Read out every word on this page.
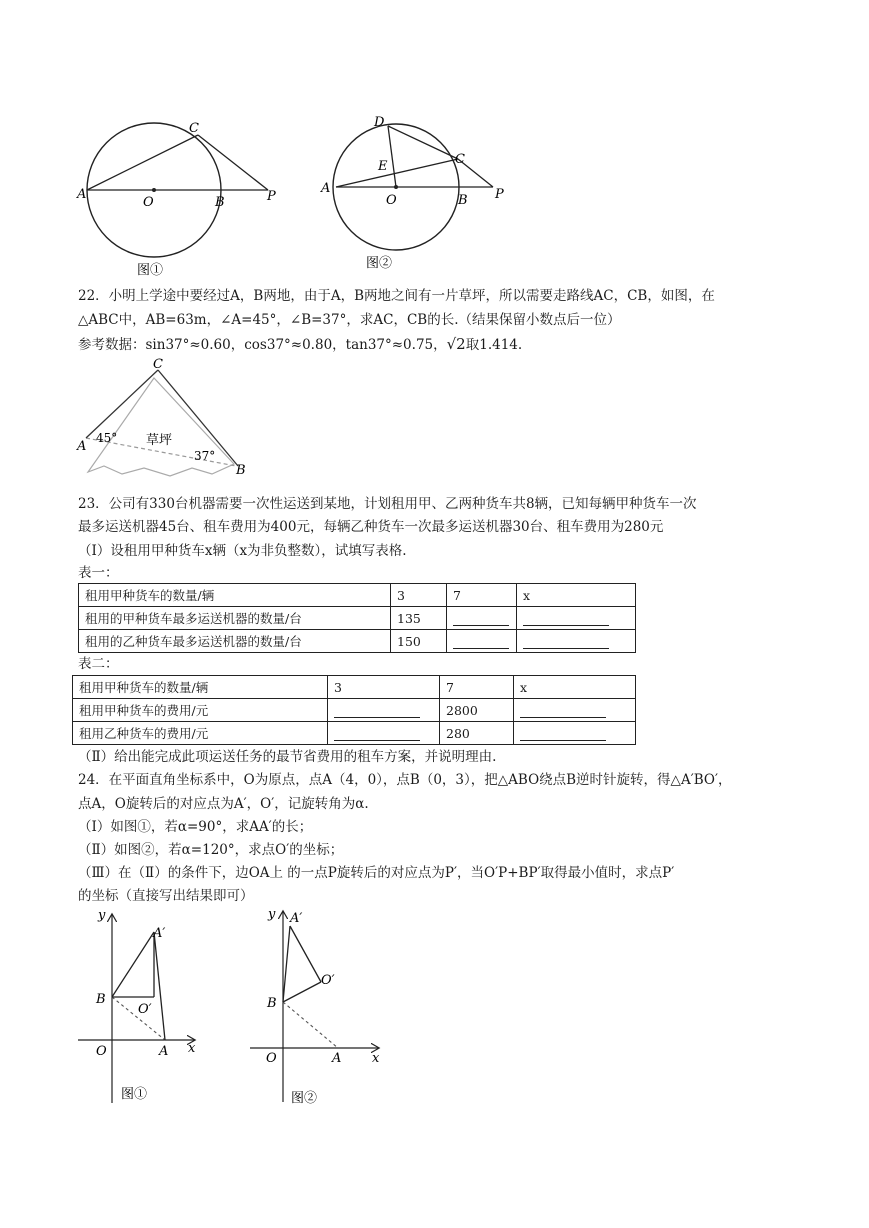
A
O	B
C
P
图①
A
O	B
C
P
D
E
图②
22．小明上学途中要经过A，B两地，由于A，B两地之间有一片草坪，所以需要走路线AC，CB，如图，在
△ABC中，AB=63m，∠A=45°，∠B=37°，求AC，CB的长.（结果保留小数点后一位）
参考数据：sin37°≈0.60，cos37°≈0.80，tan37°≈0.75，√2取1.414.
C
A
B
45°
37°
草坪
23．公司有330台机器需要一次性运送到某地，计划租用甲、乙两种货车共8辆，已知每辆甲种货车一次
最多运送机器45台、租车费用为400元，每辆乙种货车一次最多运送机器30台、租车费用为280元
（Ⅰ）设租用甲种货车x辆（x为非负整数），试填写表格.
表一：
租用甲种货车的数量/辆	3	7	x
租用的甲种货车最多运送机器的数量/台	135		
租用的乙种货车最多运送机器的数量/台	150		
表二：
租用甲种货车的数量/辆	3	7	x
租用甲种货车的费用/元		2800	
租用乙种货车的费用/元		280	
（Ⅱ）给出能完成此项运送任务的最节省费用的租车方案，并说明理由.
24．在平面直角坐标系中，O为原点，点A（4，0），点B（0，3），把△ABO绕点B逆时针旋转，得△A′BO′，
点A，O旋转后的对应点为A′，O′，记旋转角为α.
（Ⅰ）如图①，若α=90°，求AA′的长；
（Ⅱ）如图②，若α=120°，求点O′的坐标；
（Ⅲ）在（Ⅱ）的条件下，边OA上 的一点P旋转后的对应点为P′，当O′P+BP′取得最小值时，求点P′
的坐标（直接写出结果即可）
y
x
O	A
B
A′
O′
图①
y
x
O	A
B
A′
O′
图②
